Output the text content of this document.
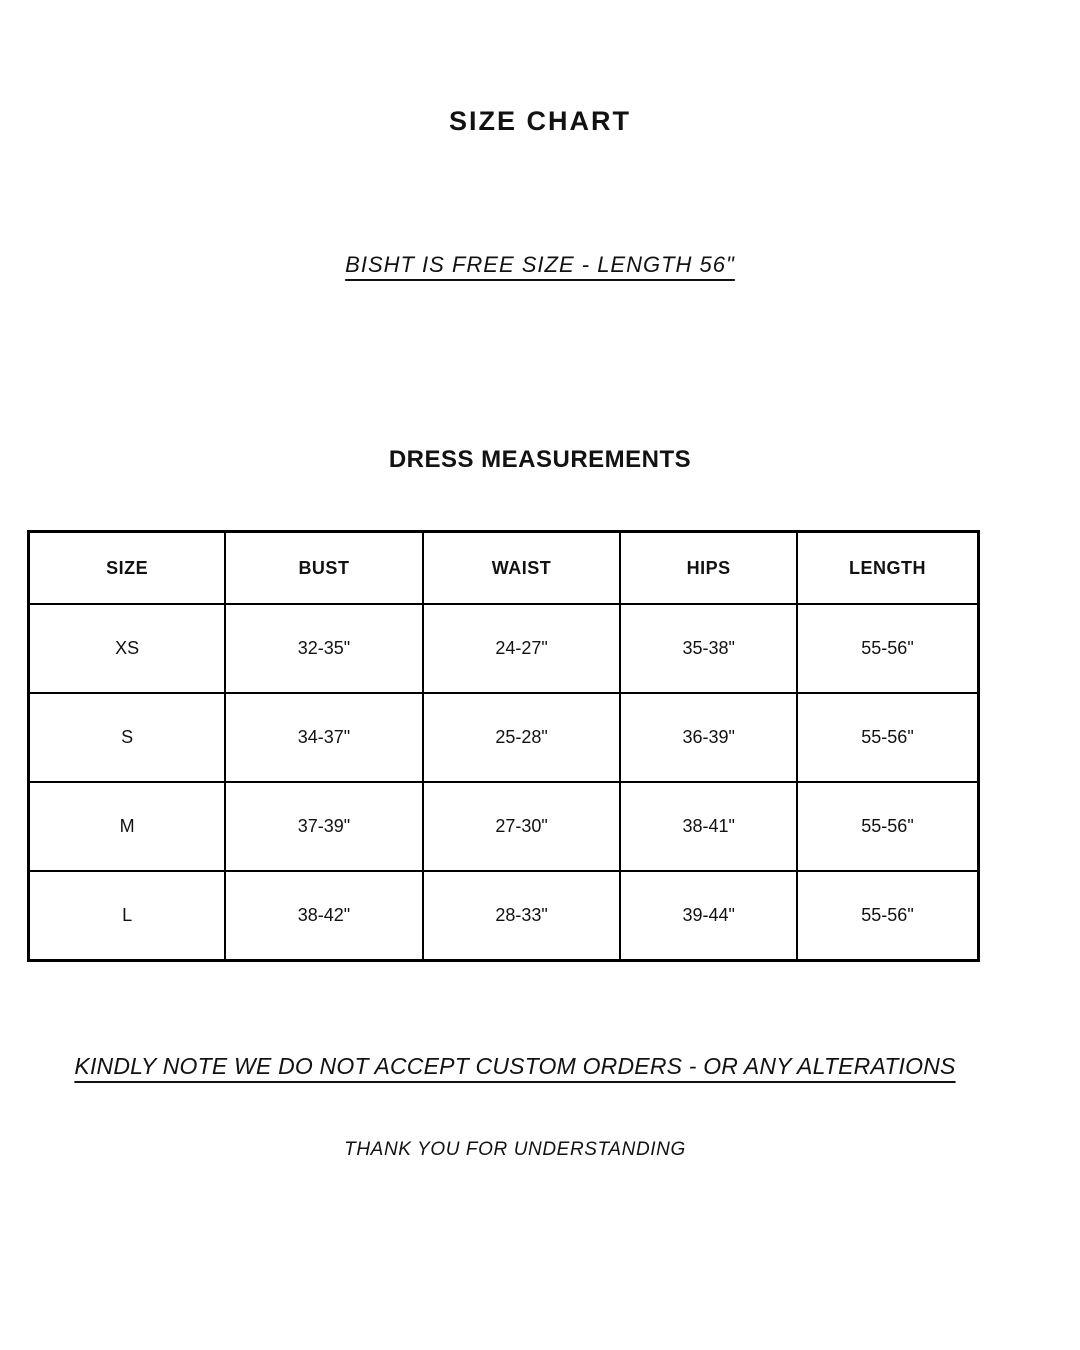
SIZE CHART
BISHT IS FREE SIZE - LENGTH 56"
DRESS MEASUREMENTS
SIZE	BUST	WAIST	HIPS	LENGTH
XS	32-35"	24-27"	35-38"	55-56"
S	34-37"	25-28"	36-39"	55-56"
M	37-39"	27-30"	38-41"	55-56"
L	38-42"	28-33"	39-44"	55-56"
KINDLY NOTE WE DO NOT ACCEPT CUSTOM ORDERS - OR ANY ALTERATIONS
THANK YOU FOR UNDERSTANDING
